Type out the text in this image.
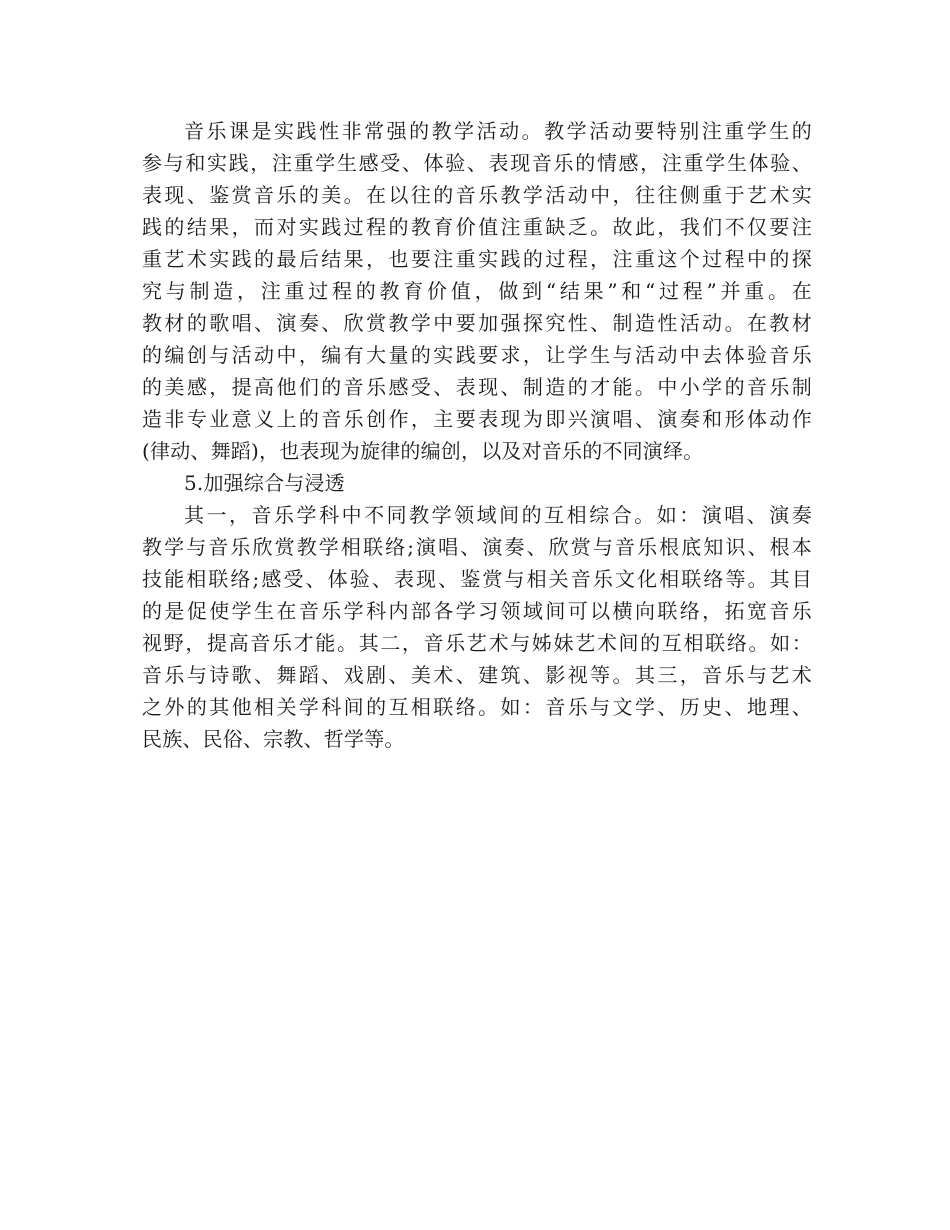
音乐课是实践性非常强的教学活动。教学活动要特别注重学生的
参与和实践，注重学生感受、体验、表现音乐的情感，注重学生体验、
表现、鉴赏音乐的美。在以往的音乐教学活动中，往往侧重于艺术实
践的结果，而对实践过程的教育价值注重缺乏。故此，我们不仅要注
重艺术实践的最后结果，也要注重实践的过程，注重这个过程中的探
究与制造，注重过程的教育价值，做到“结果”和“过程”并重。在
教材的歌唱、演奏、欣赏教学中要加强探究性、制造性活动。在教材
的编创与活动中，编有大量的实践要求，让学生与活动中去体验音乐
的美感，提高他们的音乐感受、表现、制造的才能。中小学的音乐制
造非专业意义上的音乐创作，主要表现为即兴演唱、演奏和形体动作
(律动、舞蹈)，也表现为旋律的编创，以及对音乐的不同演绎。
5.加强综合与浸透
其一，音乐学科中不同教学领域间的互相综合。如：演唱、演奏
教学与音乐欣赏教学相联络;演唱、演奏、欣赏与音乐根底知识、根本
技能相联络;感受、体验、表现、鉴赏与相关音乐文化相联络等。其目
的是促使学生在音乐学科内部各学习领域间可以横向联络，拓宽音乐
视野，提高音乐才能。其二，音乐艺术与姊妹艺术间的互相联络。如：
音乐与诗歌、舞蹈、戏剧、美术、建筑、影视等。其三，音乐与艺术
之外的其他相关学科间的互相联络。如：音乐与文学、历史、地理、
民族、民俗、宗教、哲学等。
